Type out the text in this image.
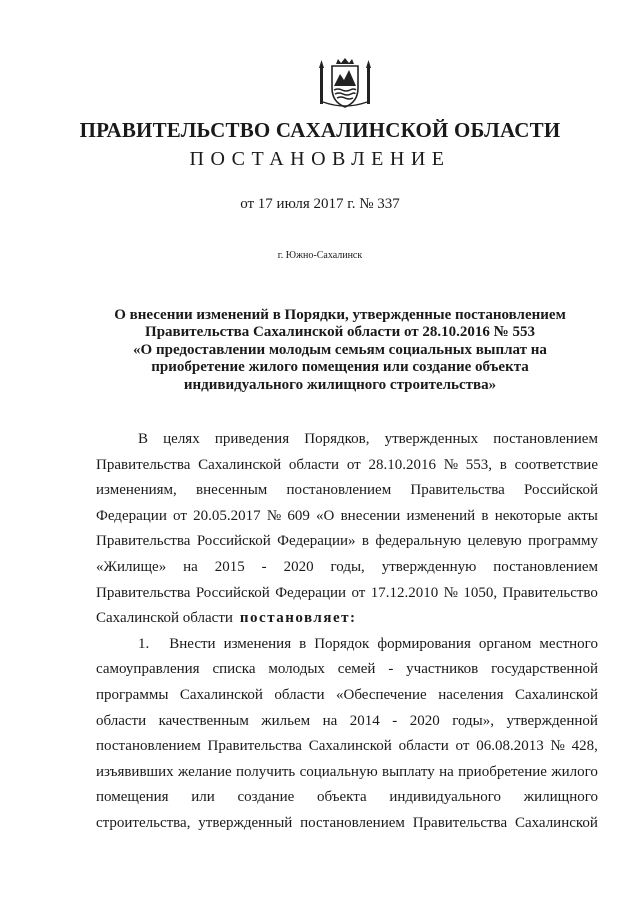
ПРАВИТЕЛЬСТВО САХАЛИНСКОЙ ОБЛАСТИ
ПОСТАНОВЛЕНИЕ
от 17 июля 2017 г. № 337
г. Южно-Сахалинск
О внесении изменений в Порядки, утвержденные постановлением
Правительства Сахалинской области от 28.10.2016 № 553
«О предоставлении молодым семьям социальных выплат на
приобретение жилого помещения или создание объекта
индивидуального жилищного строительства»
В целях приведения Порядков, утвержденных постановлением
Правительства Сахалинской области от 28.10.2016 № 553, в соответствие
изменениям, внесенным постановлением Правительства Российской
Федерации от 20.05.2017 № 609 «О внесении изменений в некоторые акты
Правительства Российской Федерации» в федеральную целевую программу
«Жилище» на 2015 - 2020 годы, утвержденную постановлением
Правительства Российской Федерации от 17.12.2010 № 1050, Правительство
Сахалинской области постановляет:
1. Внести изменения в Порядок формирования органом местного
самоуправления списка молодых семей - участников государственной
программы Сахалинской области «Обеспечение населения Сахалинской
области качественным жильем на 2014 - 2020 годы», утвержденной
постановлением Правительства Сахалинской области от 06.08.2013 № 428,
изъявивших желание получить социальную выплату на приобретение жилого
помещения или создание объекта индивидуального жилищного
строительства, утвержденный постановлением Правительства Сахалинской
